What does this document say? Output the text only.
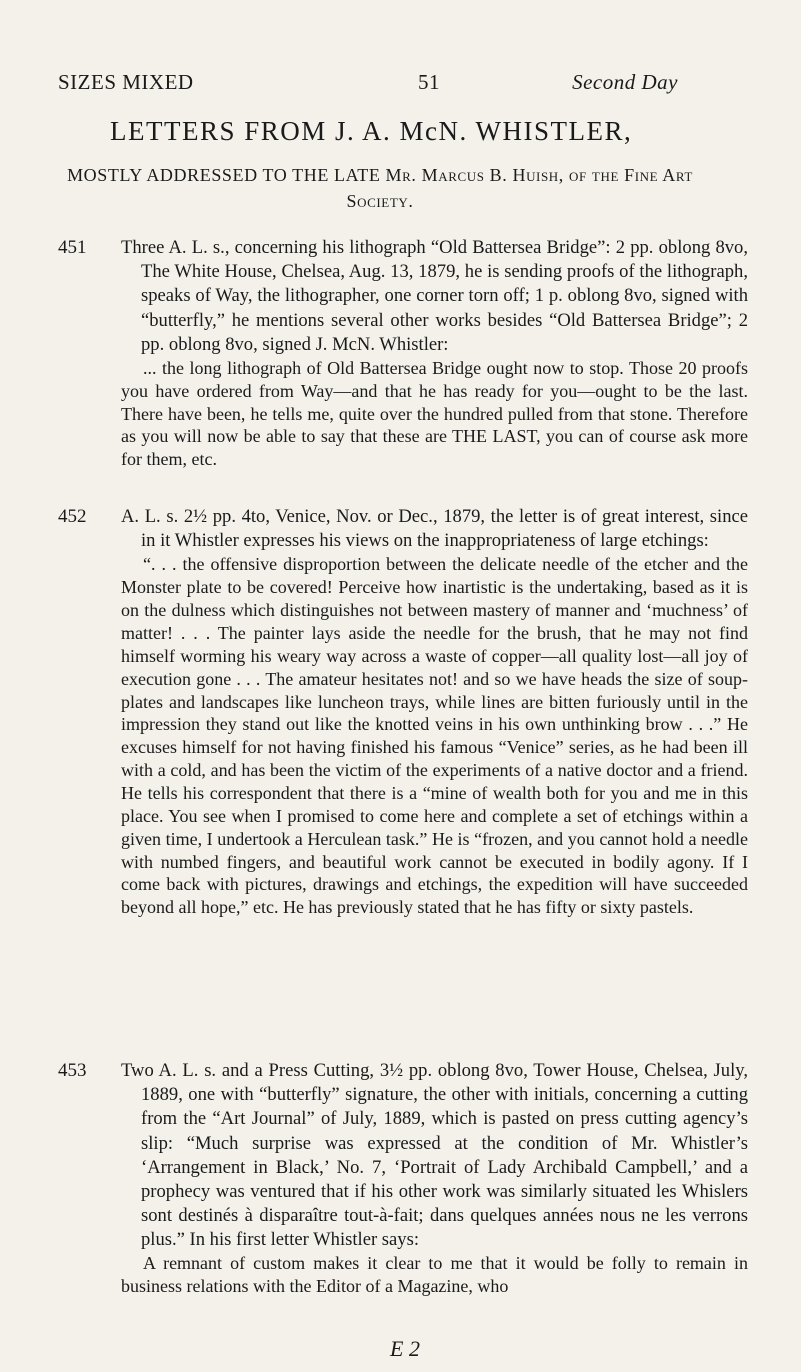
SIZES MIXED	51	Second Day
LETTERS FROM J. A. McN. WHISTLER,
MOSTLY ADDRESSED TO THE LATE Mr. Marcus B. Huish, of the Fine Art Society.
451	Three A. L. s., concerning his lithograph “Old Battersea Bridge”: 2 pp. oblong 8vo, The White House, Chelsea, Aug. 13, 1879, he is sending proofs of the lithograph, speaks of Way, the lithographer, one corner torn off; 1 p. oblong 8vo, signed with “butterfly,” he mentions several other works besides “Old Battersea Bridge”; 2 pp. oblong 8vo, signed J. McN. Whistler:

... the long lithograph of Old Battersea Bridge ought now to stop. Those 20 proofs you have ordered from Way—and that he has ready for you—ought to be the last. There have been, he tells me, quite over the hundred pulled from that stone. Therefore as you will now be able to say that these are THE LAST, you can of course ask more for them, etc.

452	A. L. s. 2½ pp. 4to, Venice, Nov. or Dec., 1879, the letter is of great interest, since in it Whistler expresses his views on the inappropriateness of large etchings:

“. . . the offensive disproportion between the delicate needle of the etcher and the Monster plate to be covered! Perceive how inartistic is the undertaking, based as it is on the dulness which distinguishes not between mastery of manner and ‘muchness’ of matter! . . . The painter lays aside the needle for the brush, that he may not find himself worming his weary way across a waste of copper—all quality lost—all joy of execution gone . . . The amateur hesitates not! and so we have heads the size of soup-plates and landscapes like luncheon trays, while lines are bitten furiously until in the impression they stand out like the knotted veins in his own unthinking brow . . .” He excuses himself for not having finished his famous “Venice” series, as he had been ill with a cold, and has been the victim of the experiments of a native doctor and a friend. He tells his correspondent that there is a “mine of wealth both for you and me in this place. You see when I promised to come here and complete a set of etchings within a given time, I undertook a Herculean task.” He is “frozen, and you cannot hold a needle with numbed fingers, and beautiful work cannot be executed in bodily agony. If I come back with pictures, drawings and etchings, the expedition will have succeeded beyond all hope,” etc. He has previously stated that he has fifty or sixty pastels.

453	Two A. L. s. and a Press Cutting, 3½ pp. oblong 8vo, Tower House, Chelsea, July, 1889, one with “butterfly” signature, the other with initials, concerning a cutting from the “Art Journal” of July, 1889, which is pasted on press cutting agency’s slip: “Much surprise was expressed at the condition of Mr. Whistler’s ‘Arrangement in Black,’ No. 7, ‘Portrait of Lady Archibald Campbell,’ and a prophecy was ventured that if his other work was similarly situated les Whislers sont destinés à disparaître tout-à-fait; dans quelques années nous ne les verrons plus.” In his first letter Whistler says:

A remnant of custom makes it clear to me that it would be folly to remain in business relations with the Editor of a Magazine, who

E 2
